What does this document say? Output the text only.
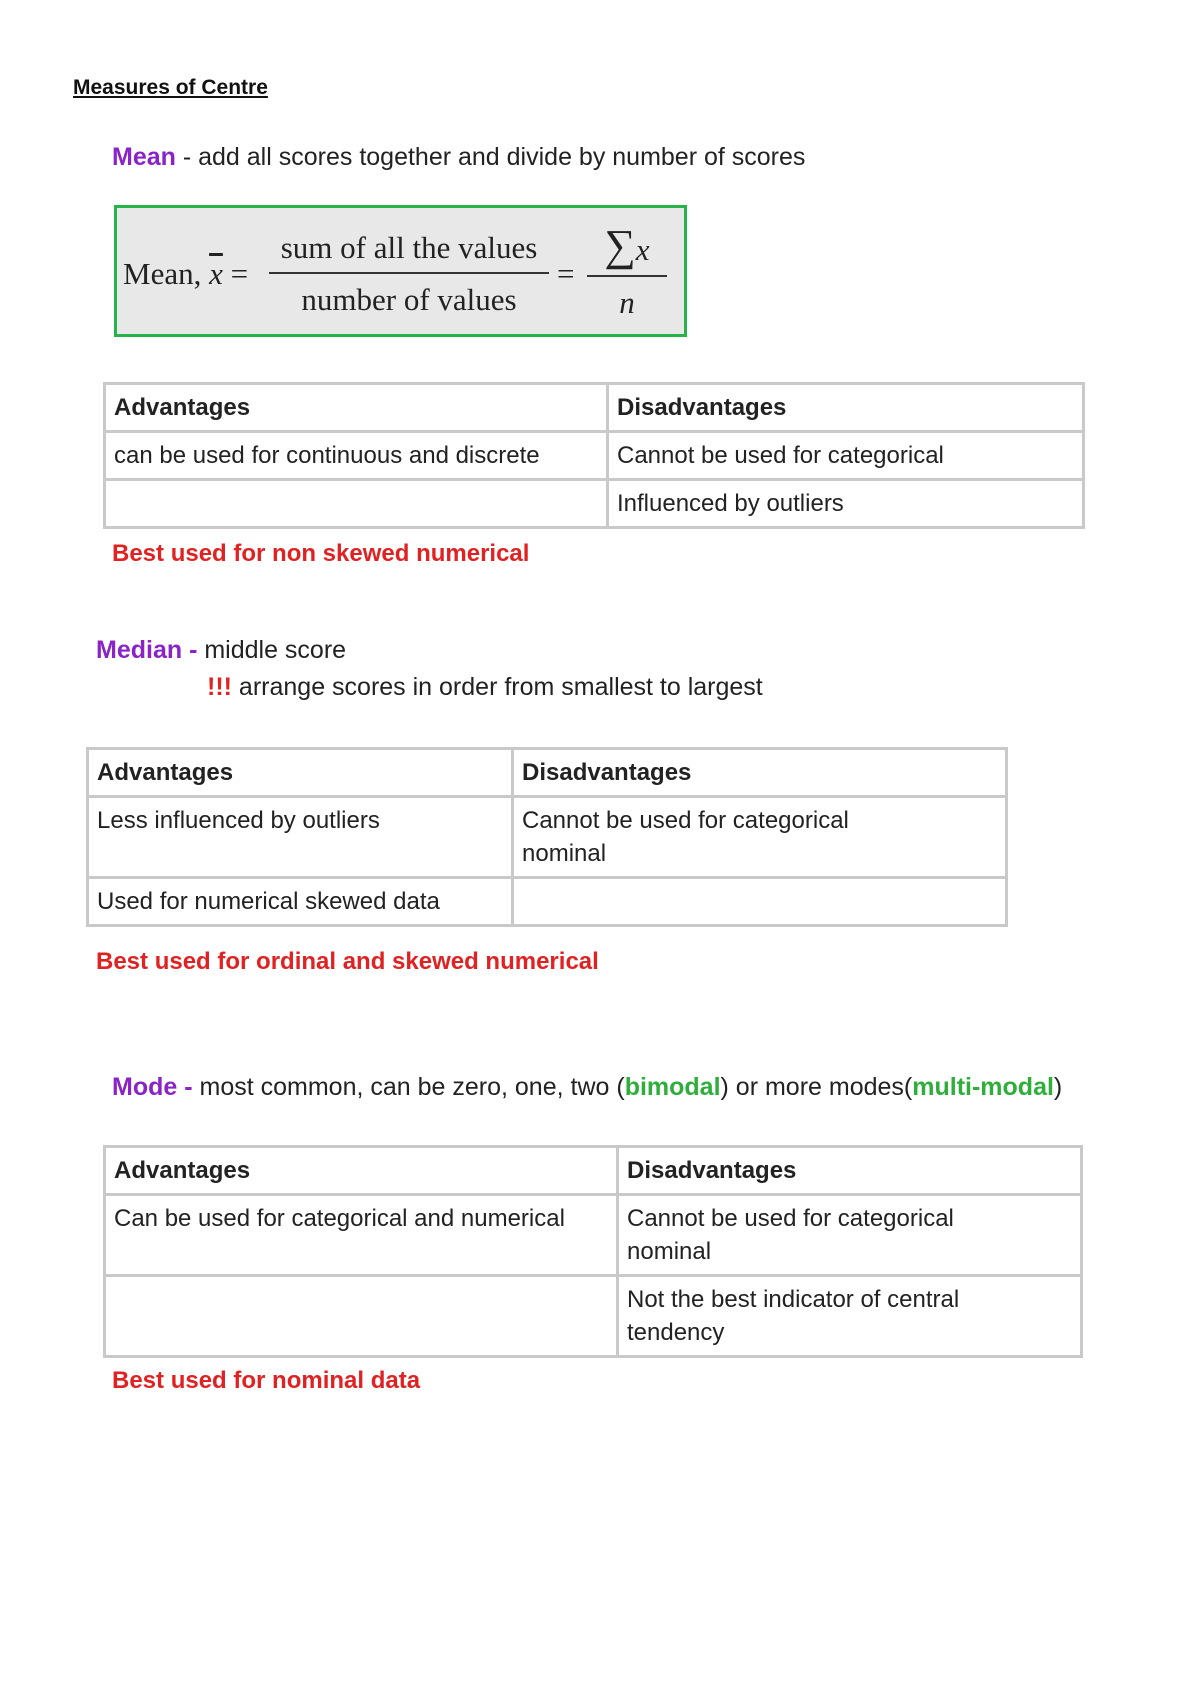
Measures of Centre
Mean - add all scores together and divide by number of scores
Mean, $\overline{x}$ =
sum of all the values
number of values
=
∑x
n
Advantages	Disadvantages
can be used for continuous and discrete	Cannot be used for categorical
	Influenced by outliers
Best used for non skewed numerical
Median - middle score
!!! arrange scores in order from smallest to largest
Advantages	Disadvantages
Less influenced by outliers	Cannot be used for categorical nominal
Used for numerical skewed data	
Best used for ordinal and skewed numerical
Mode - most common, can be zero, one, two (bimodal) or more modes(multi-modal)
Advantages	Disadvantages
Can be used for categorical and numerical	Cannot be used for categorical nominal
	Not the best indicator of central tendency
Best used for nominal data
